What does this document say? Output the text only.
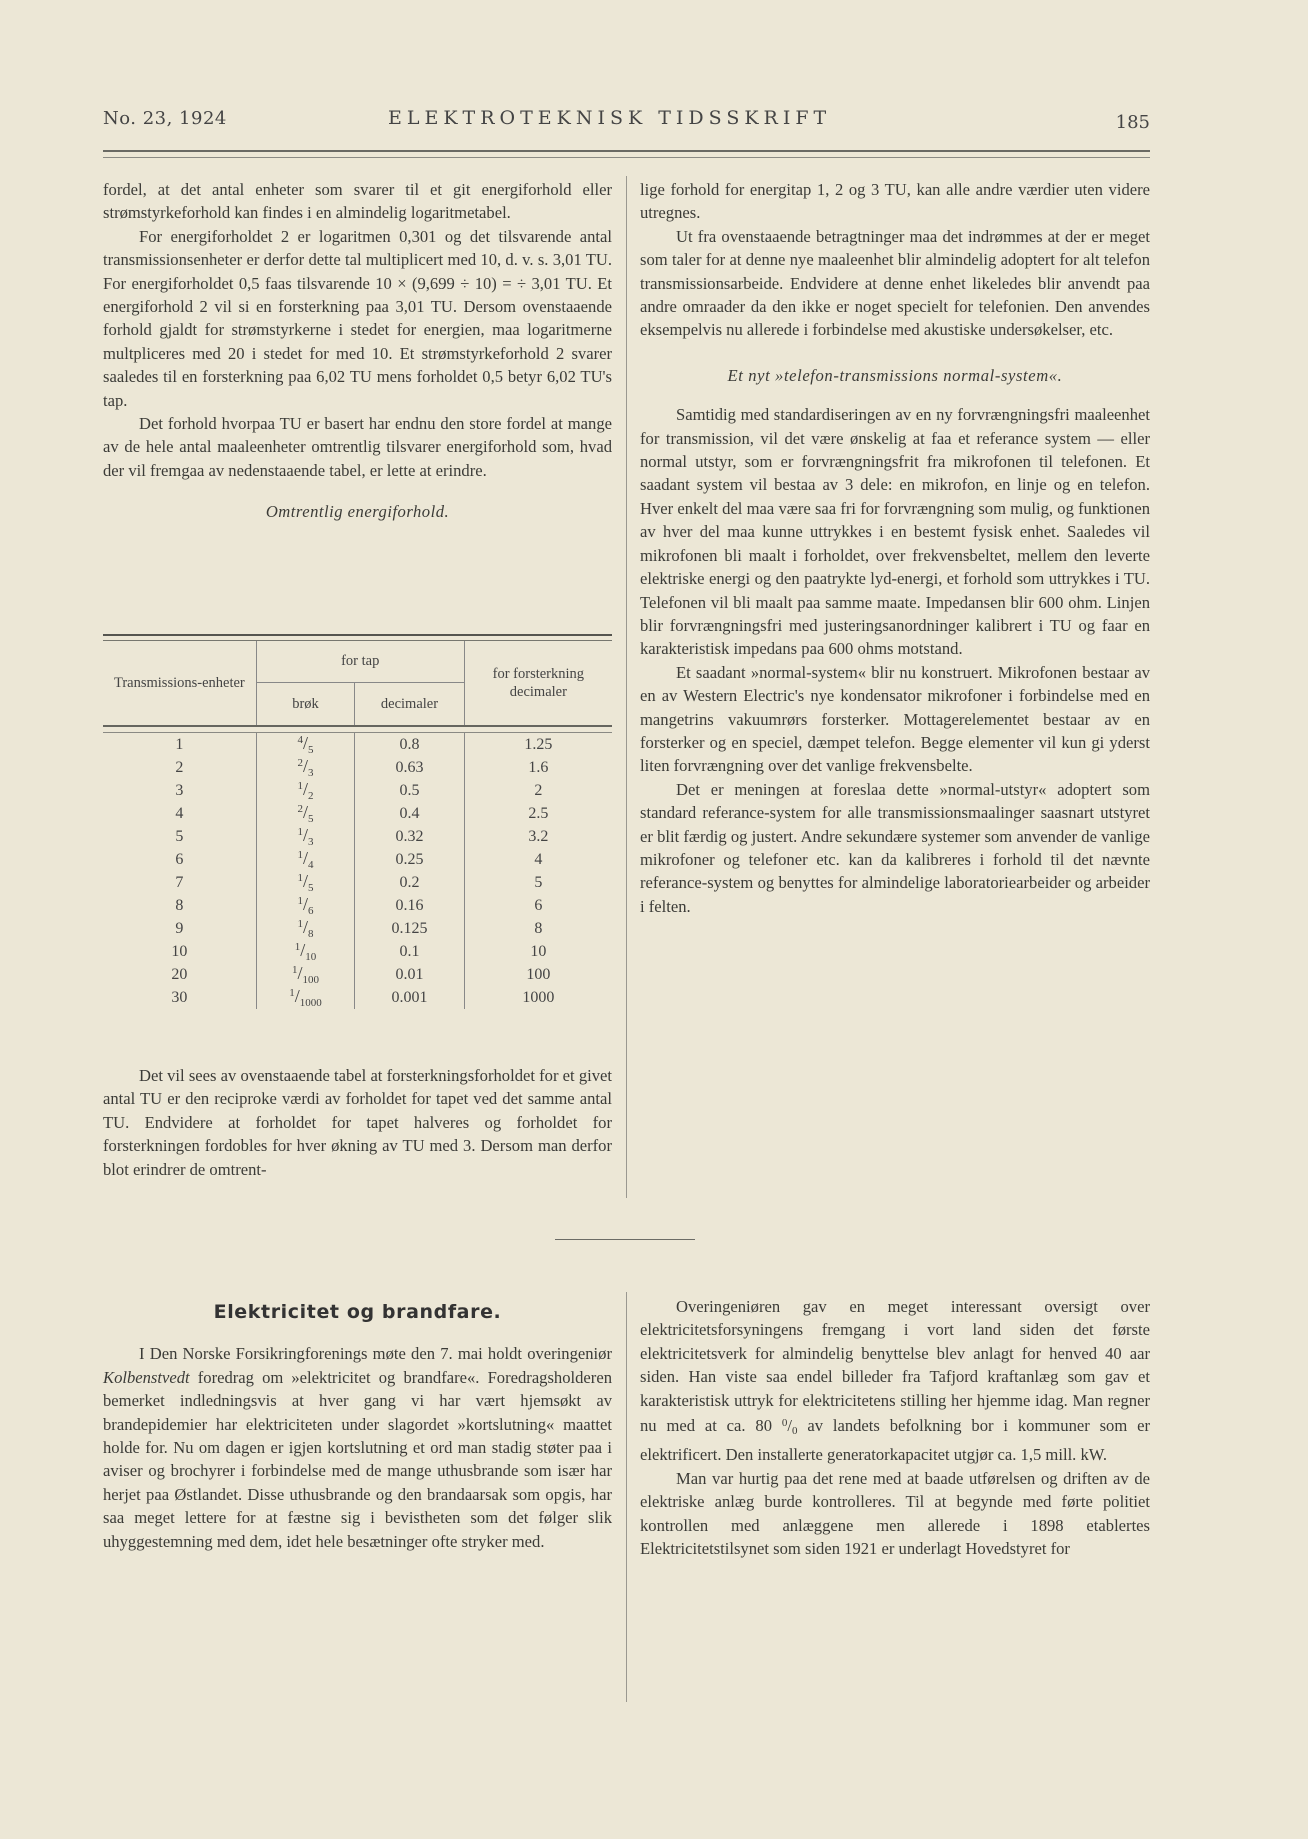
No. 23, 1924	ELEKTROTEKNISK TIDSSKRIFT	185

fordel, at det antal enheter som svarer til et git energiforhold eller strømstyrkeforhold kan findes i en almindelig logaritmetabel.

For energiforholdet 2 er logaritmen 0,301 og det tilsvarende antal transmissionsenheter er derfor dette tal multiplicert med 10, d. v. s. 3,01 TU. For energiforholdet 0,5 faas tilsvarende 10 × (9,699 ÷ 10) = ÷ 3,01 TU. Et energiforhold 2 vil si en forsterkning paa 3,01 TU. Dersom ovenstaaende forhold gjaldt for strømstyrkerne i stedet for energien, maa logaritmerne multpliceres med 20 i stedet for med 10. Et strømstyrkeforhold 2 svarer saaledes til en forsterkning paa 6,02 TU mens forholdet 0,5 betyr 6,02 TU's tap.

Det forhold hvorpaa TU er basert har endnu den store fordel at mange av de hele antal maaleenheter omtrentlig tilsvarer energiforhold som, hvad der vil fremgaa av nedenstaaende tabel, er lette at erindre.

Omtrentlig energiforhold.
Transmissions-enheter	for tap		for forsterkning decimaler
	brøk	decimaler	

1	$^4/_5$	0.8	1.25
2	$^2/_3$	0.63	1.6
3	$^1/_2$	0.5	2
4	$^2/_5$	0.4	2.5
5	$^1/_3$	0.32	3.2
6	$^1/_4$	0.25	4
7	$^1/_5$	0.2	5
8	$^1/_6$	0.16	6
9	$^1/_8$	0.125	8
10	$^1/_{10}$	0.1	10
20	$^1/_{100}$	0.01	100
30	$^1/_{1000}$	0.001	1000

Det vil sees av ovenstaaende tabel at forsterkningsforholdet for et givet antal TU er den reciproke værdi av forholdet for tapet ved det samme antal TU. Endvidere at forholdet for tapet halveres og forholdet for forsterkningen fordobles for hver økning av TU med 3. Dersom man derfor blot erindrer de omtrent-

lige forhold for energitap 1, 2 og 3 TU, kan alle andre værdier uten videre utregnes.

Ut fra ovenstaaende betragtninger maa det indrømmes at der er meget som taler for at denne nye maaleenhet blir almindelig adoptert for alt telefon transmissionsarbeide. Endvidere at denne enhet likeledes blir anvendt paa andre omraader da den ikke er noget specielt for telefonien. Den anvendes eksempelvis nu allerede i forbindelse med akustiske undersøkelser, etc.

Et nyt »telefon-transmissions normal-system«.

Samtidig med standardiseringen av en ny forvrængningsfri maaleenhet for transmission, vil det være ønskelig at faa et referance system — eller normal utstyr, som er forvrængningsfrit fra mikrofonen til telefonen. Et saadant system vil bestaa av 3 dele: en mikrofon, en linje og en telefon. Hver enkelt del maa være saa fri for forvrængning som mulig, og funktionen av hver del maa kunne uttrykkes i en bestemt fysisk enhet. Saaledes vil mikrofonen bli maalt i forholdet, over frekvensbeltet, mellem den leverte elektriske energi og den paatrykte lyd-energi, et forhold som uttrykkes i TU. Telefonen vil bli maalt paa samme maate. Impedansen blir 600 ohm. Linjen blir forvrængningsfri med justeringsanordninger kalibrert i TU og faar en karakteristisk impedans paa 600 ohms motstand.

Et saadant »normal-system« blir nu konstruert. Mikrofonen bestaar av en av Western Electric's nye kondensator mikrofoner i forbindelse med en mangetrins vakuumrørs forsterker. Mottagerelementet bestaar av en forsterker og en speciel, dæmpet telefon. Begge elementer vil kun gi yderst liten forvrængning over det vanlige frekvensbelte.

Det er meningen at foreslaa dette »normal-utstyr« adoptert som standard referance-system for alle transmissionsmaalinger saasnart utstyret er blit færdig og justert. Andre sekundære systemer som anvender de vanlige mikrofoner og telefoner etc. kan da kalibreres i forhold til det nævnte referance-system og benyttes for almindelige laboratoriearbeider og arbeider i felten.

Elektricitet og brandfare.

I Den Norske Forsikringforenings møte den 7. mai holdt overingeniør Kolbenstvedt foredrag om »elektricitet og brandfare«. Foredragsholderen bemerket indledningsvis at hver gang vi har vært hjemsøkt av brandepidemier har elektriciteten under slagordet »kortslutning« maattet holde for. Nu om dagen er igjen kortslutning et ord man stadig støter paa i aviser og brochyrer i forbindelse med de mange uthusbrande som især har herjet paa Østlandet. Disse uthusbrande og den brandaarsak som opgis, har saa meget lettere for at fæstne sig i bevistheten som det følger slik uhyggestemning med dem, idet hele besætninger ofte stryker med.

Overingeniøren gav en meget interessant oversigt over elektricitetsforsyningens fremgang i vort land siden det første elektricitetsverk for almindelig benyttelse blev anlagt for henved 40 aar siden. Han viste saa endel billeder fra Tafjord kraftanlæg som gav et karakteristisk uttryk for elektricitetens stilling her hjemme idag. Man regner nu med at ca. 80 $^0/_0$ av landets befolkning bor i kommuner som er elektrificert. Den installerte generatorkapacitet utgjør ca. 1,5 mill. kW.

Man var hurtig paa det rene med at baade utførelsen og driften av de elektriske anlæg burde kontrolleres. Til at begynde med førte politiet kontrollen med anlæggene men allerede i 1898 etablertes Elektricitetstilsynet som siden 1921 er underlagt Hovedstyret for
